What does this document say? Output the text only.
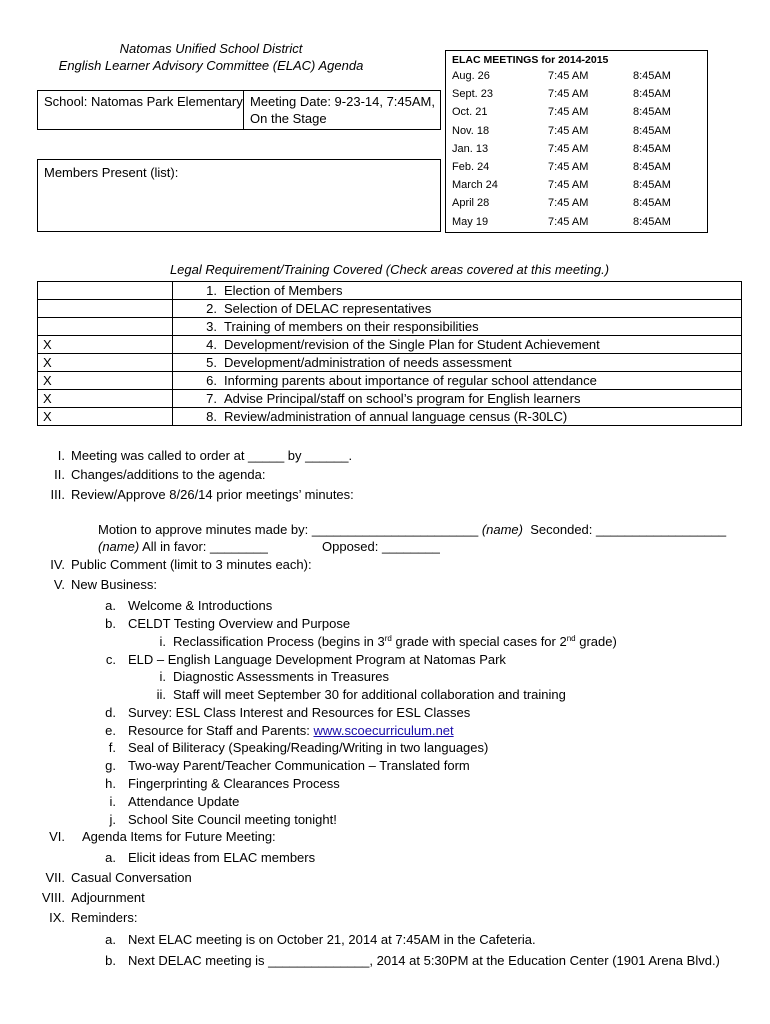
Natomas Unified School District
English Learner Advisory Committee (ELAC) Agenda
School: Natomas Park Elementary Meeting Date: 9-23-14, 7:45AM,
On the Stage
Members Present (list):
ELAC MEETINGS for 2014-2015
Aug. 26	7:45 AM	8:45AM
Sept. 23	7:45 AM	8:45AM
Oct. 21	7:45 AM	8:45AM
Nov. 18	7:45 AM	8:45AM
Jan. 13	7:45 AM	8:45AM
Feb. 24	7:45 AM	8:45AM
March 24	7:45 AM	8:45AM
April 28	7:45 AM	8:45AM
May 19	7:45 AM	8:45AM
Legal Requirement/Training Covered (Check areas covered at this meeting.)
	1. Election of Members
	2. Selection of DELAC representatives
	3. Training of members on their responsibilities
X	4. Development/revision of the Single Plan for Student Achievement
X	5. Development/administration of needs assessment
X	6. Informing parents about importance of regular school attendance
X	7. Advise Principal/staff on school’s program for English learners
X	8. Review/administration of annual language census (R-30LC)
I. Meeting was called to order at _____ by ______.
II. Changes/additions to the agenda:
III. Review/Approve 8/26/14 prior meetings’ minutes:
Motion to approve minutes made by: _______________________ (name) Seconded: __________________
(name) All in favor: ________	Opposed: ________
IV. Public Comment (limit to 3 minutes each):
V. New Business:
a. Welcome & Introductions
b. CELDT Testing Overview and Purpose
i. Reclassification Process (begins in 3rd grade with special cases for 2nd grade)
c. ELD – English Language Development Program at Natomas Park
i. Diagnostic Assessments in Treasures
ii. Staff will meet September 30 for additional collaboration and training
d. Survey: ESL Class Interest and Resources for ESL Classes
e. Resource for Staff and Parents: www.scoecurriculum.net
f. Seal of Biliteracy (Speaking/Reading/Writing in two languages)
g. Two-way Parent/Teacher Communication – Translated form
h. Fingerprinting & Clearances Process
i. Attendance Update
j. School Site Council meeting tonight!
VI. Agenda Items for Future Meeting:
a. Elicit ideas from ELAC members
VII. Casual Conversation
VIII. Adjournment
IX. Reminders:
a. Next ELAC meeting is on October 21, 2014 at 7:45AM in the Cafeteria.
b. Next DELAC meeting is ______________, 2014 at 5:30PM at the Education Center (1901 Arena Blvd.)
